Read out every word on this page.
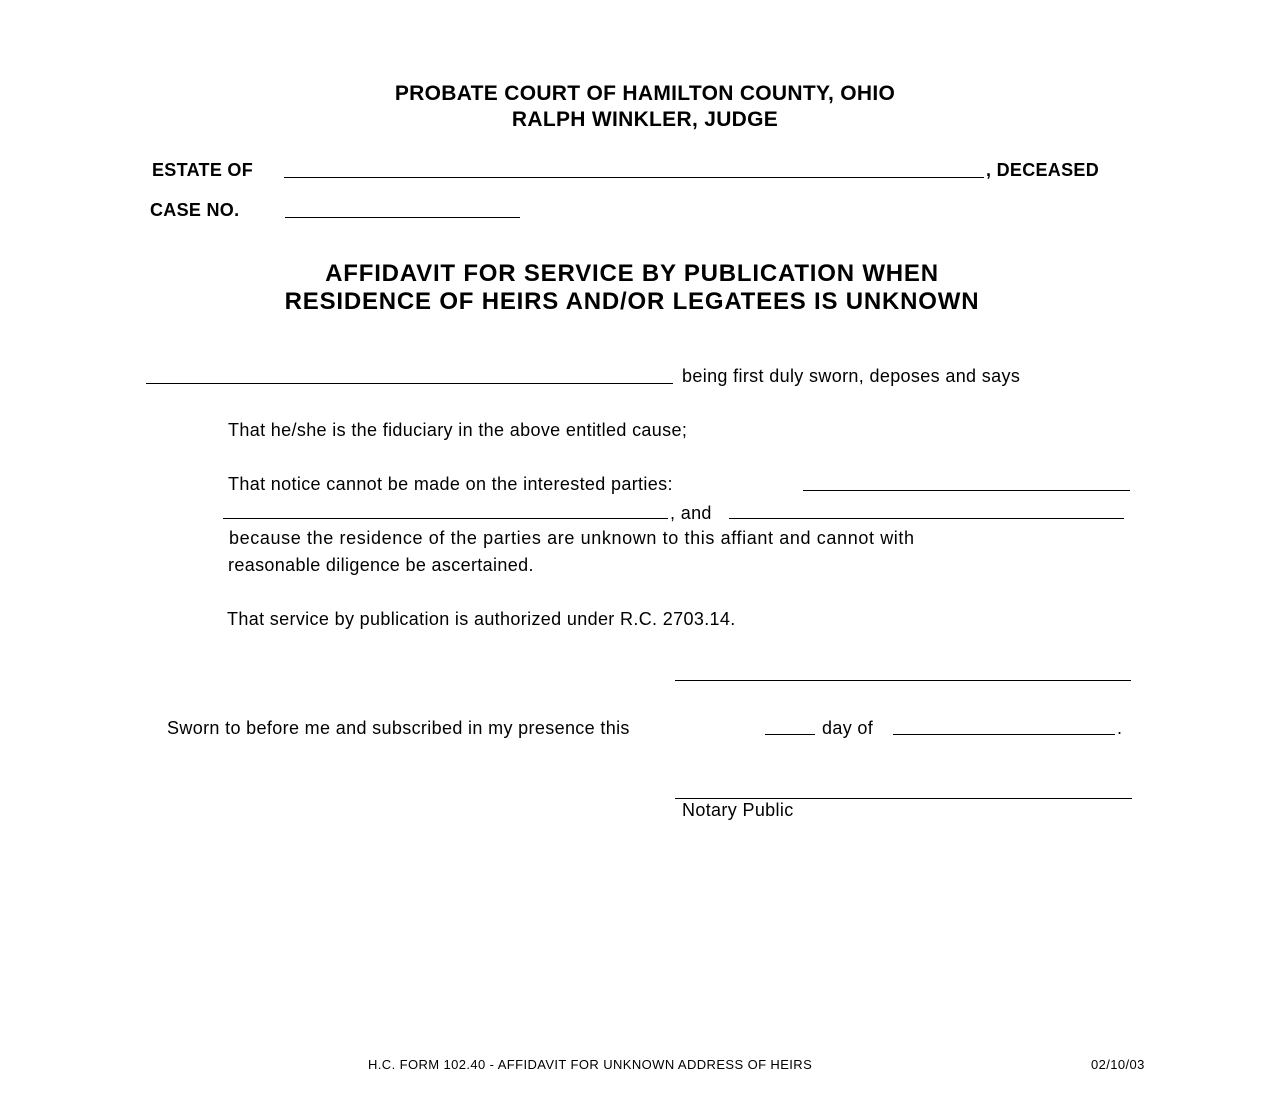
PROBATE COURT OF HAMILTON COUNTY, OHIO
RALPH WINKLER, JUDGE
ESTATE OF	, DECEASED
CASE NO.
AFFIDAVIT FOR SERVICE BY PUBLICATION WHEN
RESIDENCE OF HEIRS AND/OR LEGATEES IS UNKNOWN
being first duly sworn, deposes and says
That he/she is the fiduciary in the above entitled cause;
That notice cannot be made on the interested parties:
, and
because the residence of the parties are unknown to this affiant and cannot with
reasonable diligence be ascertained.
That service by publication is authorized under R.C. 2703.14.
Sworn to before me and subscribed in my presence this	day of	.
Notary Public
H.C. FORM 102.40 - AFFIDAVIT FOR UNKNOWN ADDRESS OF HEIRS	02/10/03
